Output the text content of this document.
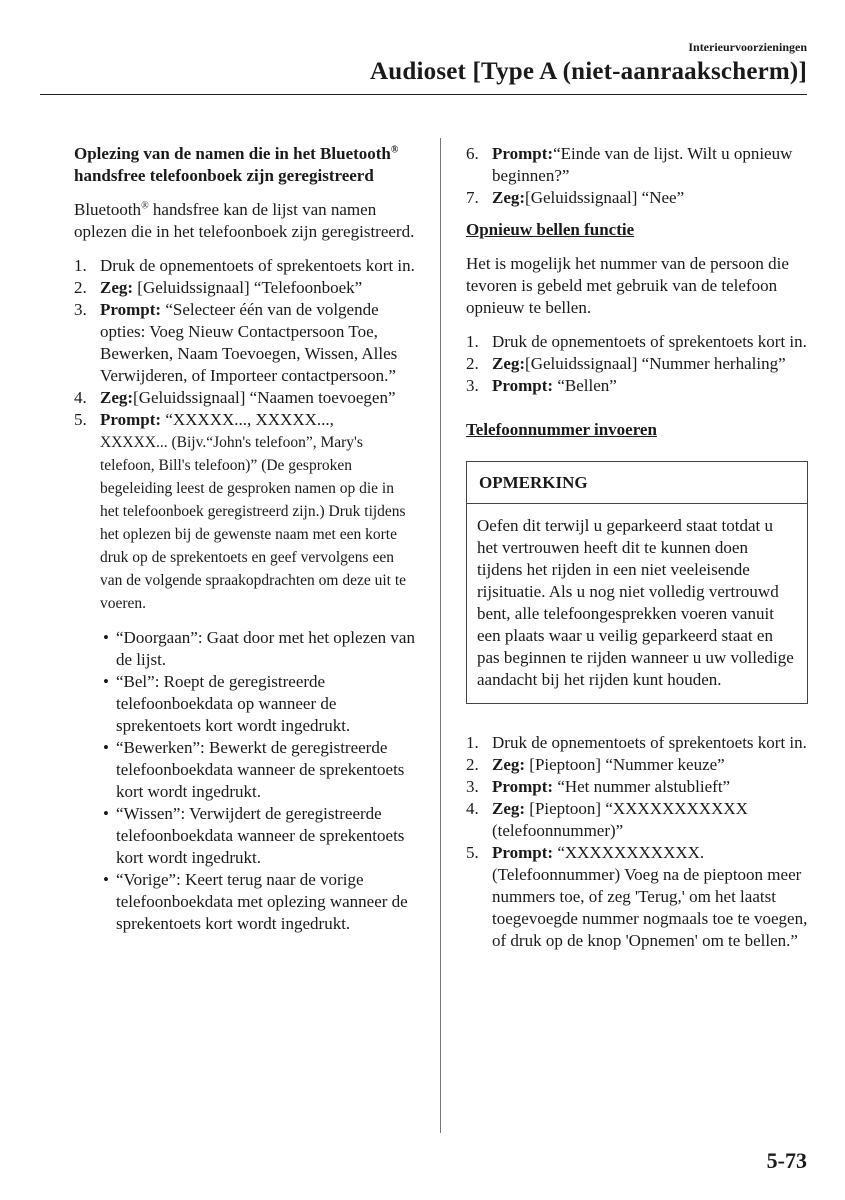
Interieurvoorzieningen
Audioset [Type A (niet-aanraakscherm)]

Oplezing van de namen die in het Bluetooth® handsfree telefoonboek zijn geregistreerd

Bluetooth® handsfree kan de lijst van namen oplezen die in het telefoonboek zijn geregistreerd.

1. Druk de opnementoets of sprekentoets kort in.
2. Zeg: [Geluidssignaal] “Telefoonboek”
3. Prompt: “Selecteer één van de volgende opties: Voeg Nieuw Contactpersoon Toe, Bewerken, Naam Toevoegen, Wissen, Alles Verwijderen, of Importeer contactpersoon.”
4. Zeg:[Geluidssignaal] “Naamen toevoegen”
5. Prompt: “XXXXX..., XXXXX...,
XXXXX... (Bijv.“John's telefoon”, Mary's telefoon, Bill's telefoon)” (De gesproken begeleiding leest de gesproken namen op die in het telefoonboek geregistreerd zijn.) Druk tijdens het oplezen bij de gewenste naam met een korte druk op de sprekentoets en geef vervolgens een van de volgende spraakopdrachten om deze uit te voeren.
• “Doorgaan”: Gaat door met het oplezen van de lijst.
• “Bel”: Roept de geregistreerde telefoonboekdata op wanneer de sprekentoets kort wordt ingedrukt.
• “Bewerken”: Bewerkt de geregistreerde telefoonboekdata wanneer de sprekentoets kort wordt ingedrukt.
• “Wissen”: Verwijdert de geregistreerde telefoonboekdata wanneer de sprekentoets kort wordt ingedrukt.
• “Vorige”: Keert terug naar de vorige telefoonboekdata met oplezing wanneer de sprekentoets kort wordt ingedrukt.
6. Prompt:“Einde van de lijst. Wilt u opnieuw beginnen?”
7. Zeg:[Geluidssignaal] “Nee”

Opnieuw bellen functie

Het is mogelijk het nummer van de persoon die tevoren is gebeld met gebruik van de telefoon opnieuw te bellen.

1. Druk de opnementoets of sprekentoets kort in.
2. Zeg:[Geluidssignaal] “Nummer herhaling”
3. Prompt: “Bellen”

Telefoonnummer invoeren

OPMERKING
Oefen dit terwijl u geparkeerd staat totdat u het vertrouwen heeft dit te kunnen doen tijdens het rijden in een niet veeleisende rijsituatie. Als u nog niet volledig vertrouwd bent, alle telefoongesprekken voeren vanuit een plaats waar u veilig geparkeerd staat en pas beginnen te rijden wanneer u uw volledige aandacht bij het rijden kunt houden.
1. Druk de opnementoets of sprekentoets kort in.
2. Zeg: [Pieptoon] “Nummer keuze”
3. Prompt: “Het nummer alstublieft”
4. Zeg: [Pieptoon] “XXXXXXXXXXX (telefoonnummer)”
5. Prompt: “XXXXXXXXXXX. (Telefoonnummer) Voeg na de pieptoon meer nummers toe, of zeg 'Terug,' om het laatst toegevoegde nummer nogmaals toe te voegen, of druk op de knop 'Opnemen' om te bellen.”
5-73
